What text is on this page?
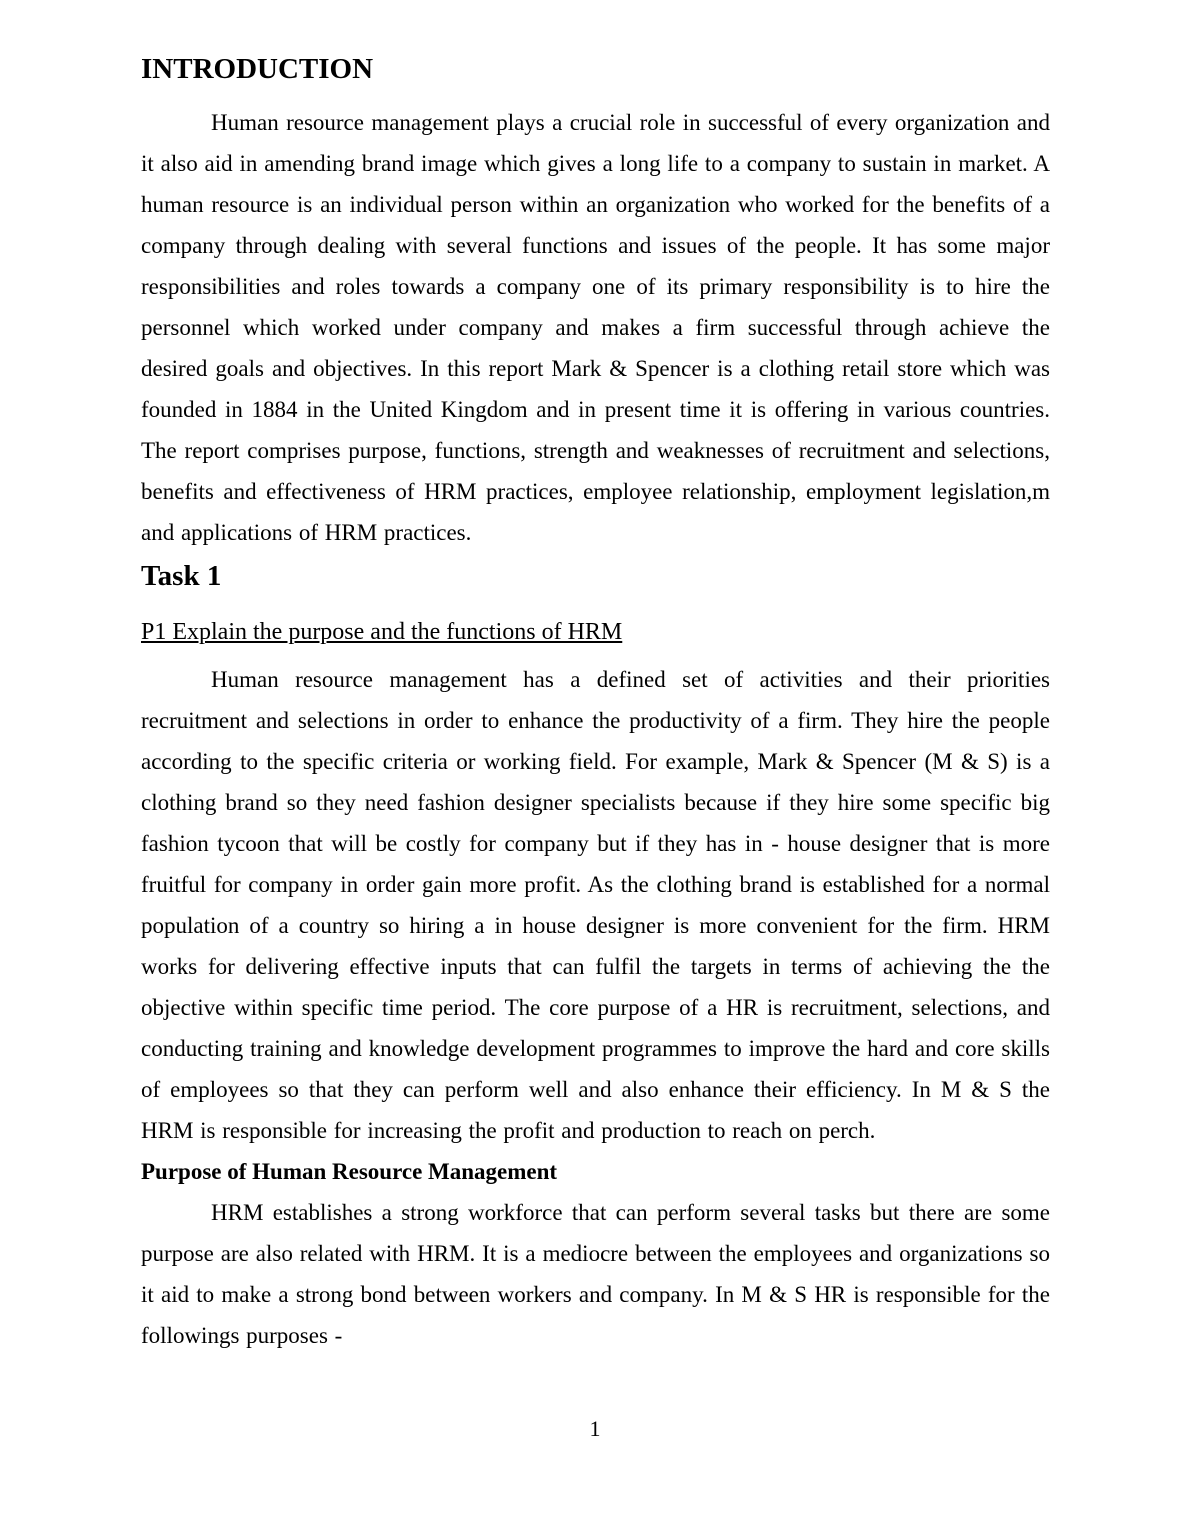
INTRODUCTION

Human resource management plays a crucial role in successful of every organization and it also aid in amending brand image which gives a long life to a company to sustain in market. A human resource is an individual person within an organization who worked for the benefits of a company through dealing with several functions and issues of the people. It has some major responsibilities and roles towards a company one of its primary responsibility is to hire the personnel which worked under company and makes a firm successful through achieve the desired goals and objectives. In this report Mark & Spencer is a clothing retail store which was founded in 1884 in the United Kingdom and in present time it is offering in various countries. The report comprises purpose, functions, strength and weaknesses of recruitment and selections, benefits and effectiveness of HRM practices, employee relationship, employment legislation,m and applications of HRM practices.

Task 1
P1 Explain the purpose and the functions of HRM

Human resource management has a defined set of activities and their priorities recruitment and selections in order to enhance the productivity of a firm. They hire the people according to the specific criteria or working field. For example, Mark & Spencer (M & S) is a clothing brand so they need fashion designer specialists because if they hire some specific big fashion tycoon that will be costly for company but if they has in - house designer that is more fruitful for company in order gain more profit. As the clothing brand is established for a normal population of a country so hiring a in house designer is more convenient for the firm. HRM works for delivering effective inputs that can fulfil the targets in terms of achieving the the objective within specific time period. The core purpose of a HR is recruitment, selections, and conducting training and knowledge development programmes to improve the hard and core skills of employees so that they can perform well and also enhance their efficiency. In M & S the HRM is responsible for increasing the profit and production to reach on perch.

Purpose of Human Resource Management

HRM establishes a strong workforce that can perform several tasks but there are some purpose are also related with HRM. It is a mediocre between the employees and organizations so it aid to make a strong bond between workers and company. In M & S HR is responsible for the followings purposes -

1
